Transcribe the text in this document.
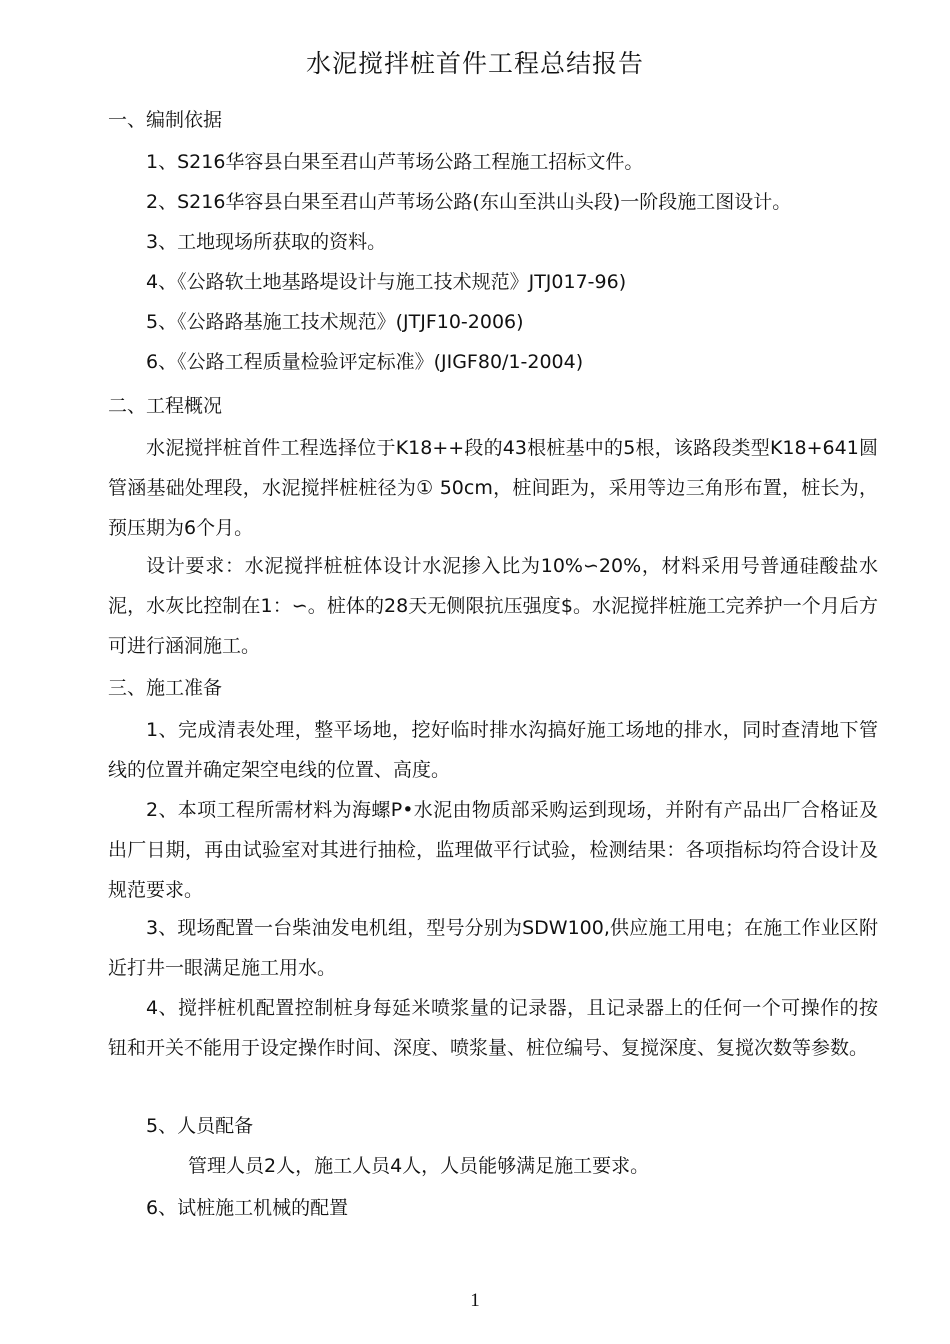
水泥搅拌桩首件工程总结报告
一、编制依据
1、S216华容县白果至君山芦苇场公路工程施工招标文件。
2、S216华容县白果至君山芦苇场公路(东山至洪山头段)一阶段施工图设计。
3、工地现场所获取的资料。
4、《公路软土地基路堤设计与施工技术规范》JTJ017-96)
5、《公路路基施工技术规范》(JTJF10-2006)
6、《公路工程质量检验评定标准》(JIGF80/1-2004)
二、工程概况

水泥搅拌桩首件工程选择位于K18++段的43根桩基中的5根，该路段类型K18+641圆管涵基础处理段，水泥搅拌桩桩径为① 50cm，桩间距为，采用等边三角形布置，桩长为，预压期为6个月。

设计要求：水泥搅拌桩桩体设计水泥掺入比为10%∽20%，材料采用号普通硅酸盐水泥，水灰比控制在1：∽。桩体的28天无侧限抗压强度$。水泥搅拌桩施工完养护一个月后方可进行涵洞施工。

三、施工准备

1、完成清表处理，整平场地，挖好临时排水沟搞好施工场地的排水，同时查清地下管线的位置并确定架空电线的位置、高度。

2、本项工程所需材料为海螺P•水泥由物质部采购运到现场，并附有产品出厂合格证及出厂日期，再由试验室对其进行抽检，监理做平行试验，检测结果：各项指标均符合设计及规范要求。

3、现场配置一台柴油发电机组，型号分别为SDW100,供应施工用电；在施工作业区附近打井一眼满足施工用水。

4、搅拌桩机配置控制桩身每延米喷浆量的记录器，且记录器上的任何一个可操作的按钮和开关不能用于设定操作时间、深度、喷浆量、桩位编号、复搅深度、复搅次数等参数。

5、人员配备
管理人员2人，施工人员4人，人员能够满足施工要求。
6、试桩施工机械的配置
1
